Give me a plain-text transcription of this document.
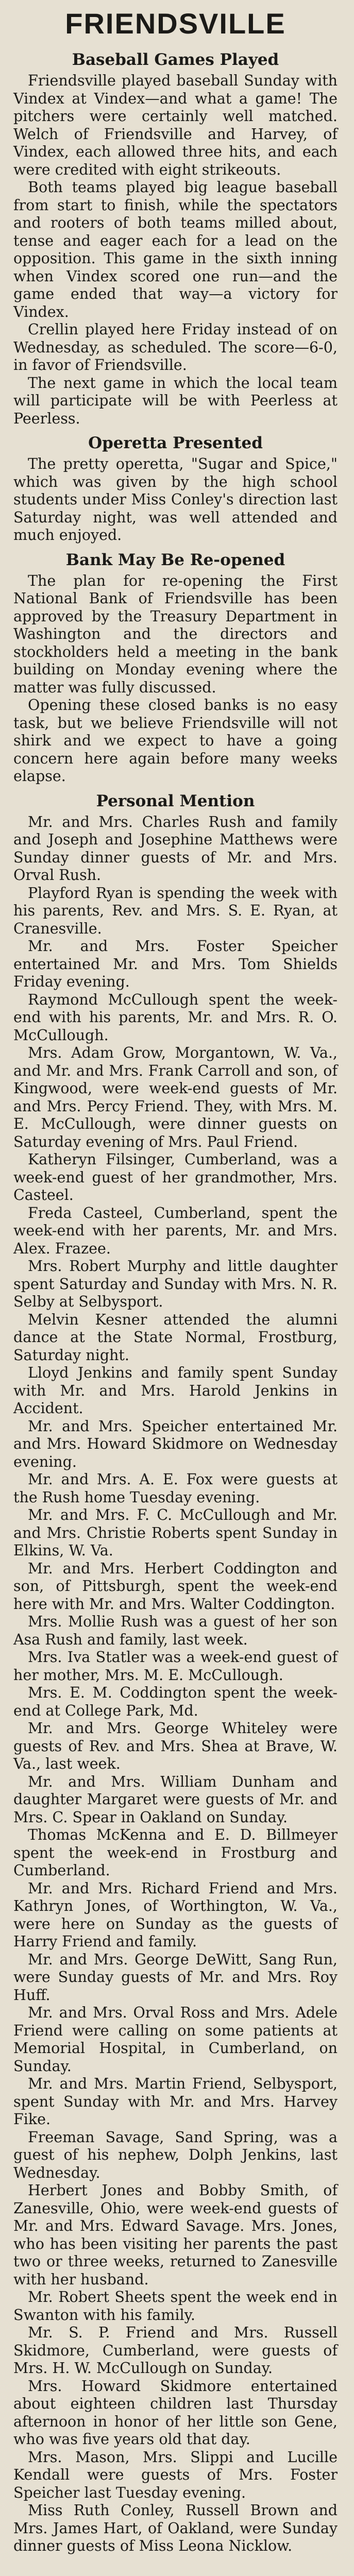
FRIENDSVILLE
Baseball Games Played

Friendsville played baseball Sunday with Vindex at Vindex—and what a game! The pitchers were certainly well matched. Welch of Friendsville and Harvey, of Vindex, each allowed three hits, and each were credited with eight strikeouts.

Both teams played big league baseball from start to finish, while the spectators and rooters of both teams milled about, tense and eager each for a lead on the opposition. This game in the sixth inning when Vindex scored one run—and the game ended that way—a victory for Vindex.

Crellin played here Friday instead of on Wednesday, as scheduled. The score—6-0, in favor of Friendsville.

The next game in which the local team will participate will be with Peerless at Peerless.

Operetta Presented

The pretty operetta, "Sugar and Spice," which was given by the high school students under Miss Conley's direction last Saturday night, was well attended and much enjoyed.

Bank May Be Re-opened

The plan for re-opening the First National Bank of Friendsville has been approved by the Treasury Department in Washington and the directors and stockholders held a meeting in the bank building on Monday evening where the matter was fully discussed.

Opening these closed banks is no easy task, but we believe Friendsville will not shirk and we expect to have a going concern here again before many weeks elapse.

Personal Mention

Mr. and Mrs. Charles Rush and family and Joseph and Josephine Matthews were Sunday dinner guests of Mr. and Mrs. Orval Rush.

Playford Ryan is spending the week with his parents, Rev. and Mrs. S. E. Ryan, at Cranesville.

Mr. and Mrs. Foster Speicher entertained Mr. and Mrs. Tom Shields Friday evening.

Raymond McCullough spent the week-end with his parents, Mr. and Mrs. R. O. McCullough.

Mrs. Adam Grow, Morgantown, W. Va., and Mr. and Mrs. Frank Carroll and son, of Kingwood, were week-end guests of Mr. and Mrs. Percy Friend. They, with Mrs. M. E. McCullough, were dinner guests on Saturday evening of Mrs. Paul Friend.

Katheryn Filsinger, Cumberland, was a week-end guest of her grandmother, Mrs. Casteel.

Freda Casteel, Cumberland, spent the week-end with her parents, Mr. and Mrs. Alex. Frazee.

Mrs. Robert Murphy and little daughter spent Saturday and Sunday with Mrs. N. R. Selby at Selbysport.

Melvin Kesner attended the alumni dance at the State Normal, Frostburg, Saturday night.

Lloyd Jenkins and family spent Sunday with Mr. and Mrs. Harold Jenkins in Accident.

Mr. and Mrs. Speicher entertained Mr. and Mrs. Howard Skidmore on Wednesday evening.

Mr. and Mrs. A. E. Fox were guests at the Rush home Tuesday evening.

Mr. and Mrs. F. C. McCullough and Mr. and Mrs. Christie Roberts spent Sunday in Elkins, W. Va.

Mr. and Mrs. Herbert Coddington and son, of Pittsburgh, spent the week-end here with Mr. and Mrs. Walter Coddington.

Mrs. Mollie Rush was a guest of her son Asa Rush and family, last week.

Mrs. Iva Statler was a week-end guest of her mother, Mrs. M. E. McCullough.

Mrs. E. M. Coddington spent the week-end at College Park, Md.

Mr. and Mrs. George Whiteley were guests of Rev. and Mrs. Shea at Brave, W. Va., last week.

Mr. and Mrs. William Dunham and daughter Margaret were guests of Mr. and Mrs. C. Spear in Oakland on Sunday.

Thomas McKenna and E. D. Billmeyer spent the week-end in Frostburg and Cumberland.

Mr. and Mrs. Richard Friend and Mrs. Kathryn Jones, of Worthington, W. Va., were here on Sunday as the guests of Harry Friend and family.

Mr. and Mrs. George DeWitt, Sang Run, were Sunday guests of Mr. and Mrs. Roy Huff.

Mr. and Mrs. Orval Ross and Mrs. Adele Friend were calling on some patients at Memorial Hospital, in Cumberland, on Sunday.

Mr. and Mrs. Martin Friend, Selbysport, spent Sunday with Mr. and Mrs. Harvey Fike.

Freeman Savage, Sand Spring, was a guest of his nephew, Dolph Jenkins, last Wednesday.

Herbert Jones and Bobby Smith, of Zanesville, Ohio, were week-end guests of Mr. and Mrs. Edward Savage. Mrs. Jones, who has been visiting her parents the past two or three weeks, returned to Zanesville with her husband.

Mr. Robert Sheets spent the week end in Swanton with his family.

Mr. S. P. Friend and Mrs. Russell Skidmore, Cumberland, were guests of Mrs. H. W. McCullough on Sunday.

Mrs. Howard Skidmore entertained about eighteen children last Thursday afternoon in honor of her little son Gene, who was five years old that day.

Mrs. Mason, Mrs. Slippi and Lucille Kendall were guests of Mrs. Foster Speicher last Tuesday evening.

Miss Ruth Conley, Russell Brown and Mrs. James Hart, of Oakland, were Sunday dinner guests of Miss Leona Nicklow.
